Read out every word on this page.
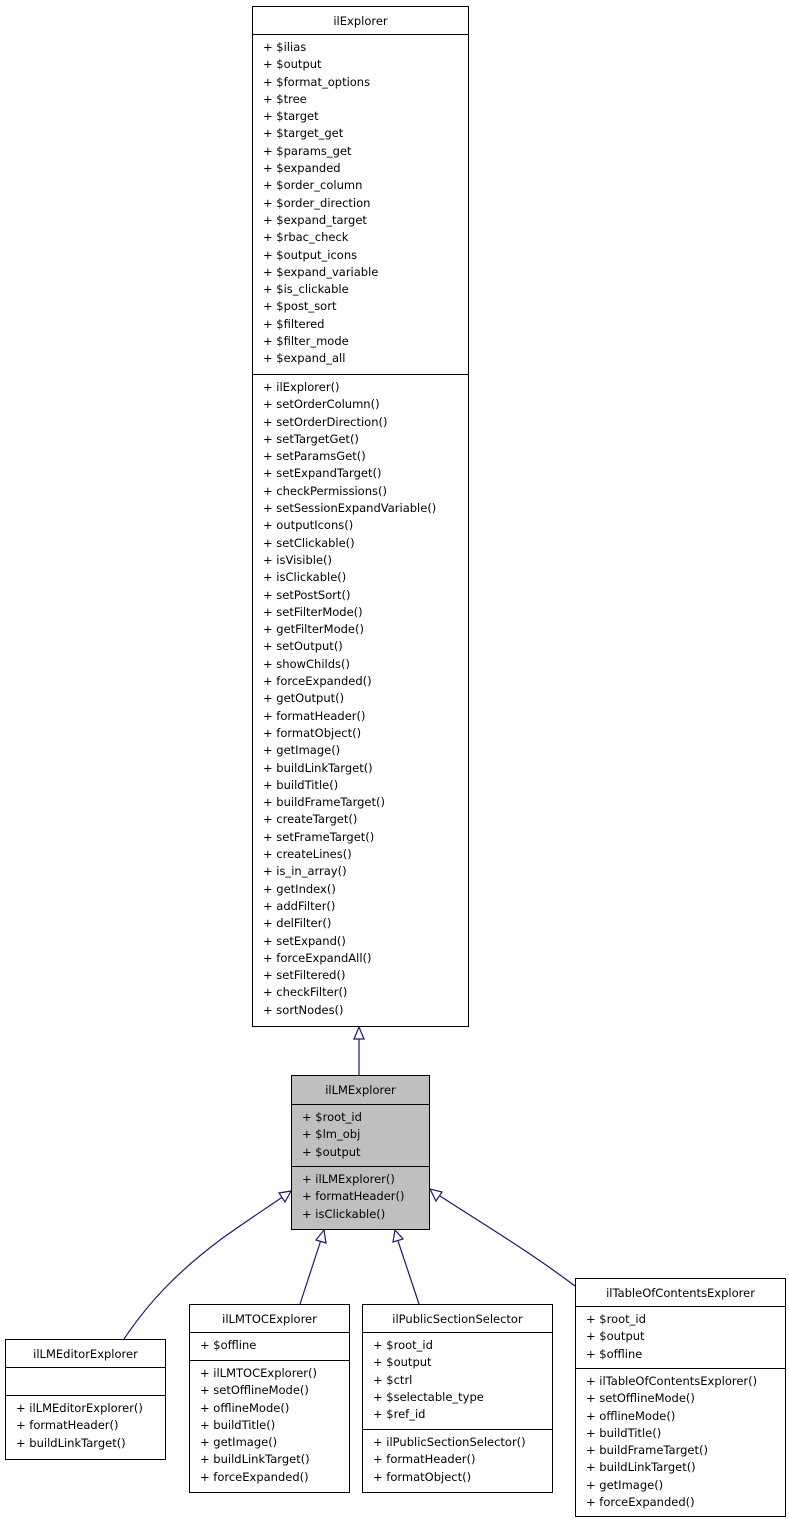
ilExplorer
+ $ilias
+ $output
+ $format_options
+ $tree
+ $target
+ $target_get
+ $params_get
+ $expanded
+ $order_column
+ $order_direction
+ $expand_target
+ $rbac_check
+ $output_icons
+ $expand_variable
+ $is_clickable
+ $post_sort
+ $filtered
+ $filter_mode
+ $expand_all
+ ilExplorer()
+ setOrderColumn()
+ setOrderDirection()
+ setTargetGet()
+ setParamsGet()
+ setExpandTarget()
+ checkPermissions()
+ setSessionExpandVariable()
+ outputIcons()
+ setClickable()
+ isVisible()
+ isClickable()
+ setPostSort()
+ setFilterMode()
+ getFilterMode()
+ setOutput()
+ showChilds()
+ forceExpanded()
+ getOutput()
+ formatHeader()
+ formatObject()
+ getImage()
+ buildLinkTarget()
+ buildTitle()
+ buildFrameTarget()
+ createTarget()
+ setFrameTarget()
+ createLines()
+ is_in_array()
+ getIndex()
+ addFilter()
+ delFilter()
+ setExpand()
+ forceExpandAll()
+ setFiltered()
+ checkFilter()
+ sortNodes()
ilLMExplorer
+ $root_id
+ $lm_obj
+ $output
+ ilLMExplorer()
+ formatHeader()
+ isClickable()
ilLMEditorExplorer
+ ilLMEditorExplorer()
+ formatHeader()
+ buildLinkTarget()
ilLMTOCExplorer
+ $offline
+ ilLMTOCExplorer()
+ setOfflineMode()
+ offlineMode()
+ buildTitle()
+ getImage()
+ buildLinkTarget()
+ forceExpanded()
ilPublicSectionSelector
+ $root_id
+ $output
+ $ctrl
+ $selectable_type
+ $ref_id
+ ilPublicSectionSelector()
+ formatHeader()
+ formatObject()
ilTableOfContentsExplorer
+ $root_id
+ $output
+ $offline
+ ilTableOfContentsExplorer()
+ setOfflineMode()
+ offlineMode()
+ buildTitle()
+ buildFrameTarget()
+ buildLinkTarget()
+ getImage()
+ forceExpanded()
